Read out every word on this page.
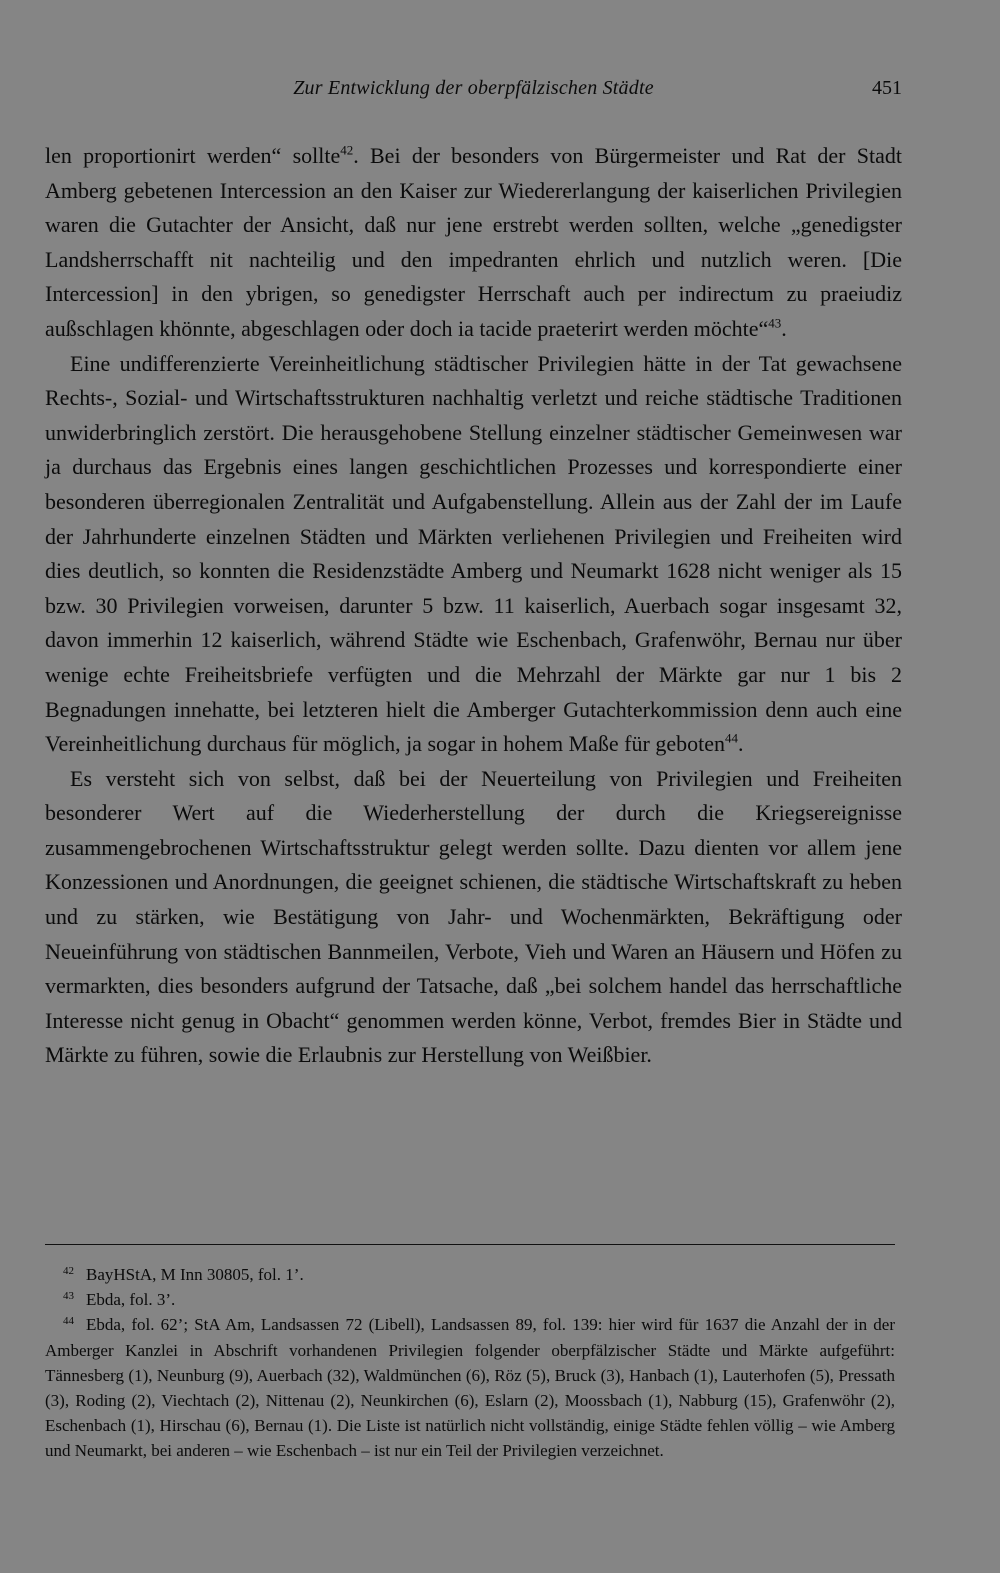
Zur Entwicklung der oberpfälzischen Städte	451

len proportionirt werden“ sollte$^{42}$. Bei der besonders von Bürgermeister und Rat der Stadt Amberg gebetenen Intercession an den Kaiser zur Wiedererlangung der kaiserlichen Privilegien waren die Gutachter der Ansicht, daß nur jene erstrebt werden sollten, welche „genedigster Landsherrschafft nit nachteilig und den impedranten ehrlich und nutzlich weren. [Die Intercession] in den ybrigen, so genedigster Herrschaft auch per indirectum zu praeiudiz außschlagen khönnte, abgeschlagen oder doch ia tacide praeterirt werden möchte“$^{43}$.

Eine undifferenzierte Vereinheitlichung städtischer Privilegien hätte in der Tat gewachsene Rechts-, Sozial- und Wirtschaftsstrukturen nachhaltig verletzt und reiche städtische Traditionen unwiderbringlich zerstört. Die herausgehobene Stellung einzelner städtischer Gemeinwesen war ja durchaus das Ergebnis eines langen geschichtlichen Prozesses und korrespondierte einer besonderen überregionalen Zentralität und Aufgabenstellung. Allein aus der Zahl der im Laufe der Jahrhunderte einzelnen Städten und Märkten verliehenen Privilegien und Freiheiten wird dies deutlich, so konnten die Residenzstädte Amberg und Neumarkt 1628 nicht weniger als 15 bzw. 30 Privilegien vorweisen, darunter 5 bzw. 11 kaiserlich, Auerbach sogar insgesamt 32, davon immerhin 12 kaiserlich, während Städte wie Eschenbach, Grafenwöhr, Bernau nur über wenige echte Freiheitsbriefe verfügten und die Mehrzahl der Märkte gar nur 1 bis 2 Begnadungen innehatte, bei letzteren hielt die Amberger Gutachterkommission denn auch eine Vereinheitlichung durchaus für möglich, ja sogar in hohem Maße für geboten$^{44}$.

Es versteht sich von selbst, daß bei der Neuerteilung von Privilegien und Freiheiten besonderer Wert auf die Wiederherstellung der durch die Kriegsereignisse zusammengebrochenen Wirtschaftsstruktur gelegt werden sollte. Dazu dienten vor allem jene Konzessionen und Anordnungen, die geeignet schienen, die städtische Wirtschaftskraft zu heben und zu stärken, wie Bestätigung von Jahr- und Wochenmärkten, Bekräftigung oder Neueinführung von städtischen Bannmeilen, Verbote, Vieh und Waren an Häusern und Höfen zu vermarkten, dies besonders aufgrund der Tatsache, daß „bei solchem handel das herrschaftliche Interesse nicht genug in Obacht“ genommen werden könne, Verbot, fremdes Bier in Städte und Märkte zu führen, sowie die Erlaubnis zur Herstellung von Weißbier.

$^{42}$ BayHStA, M Inn 30805, fol. 1’.

$^{43}$ Ebda, fol. 3’.

$^{44}$ Ebda, fol. 62’; StA Am, Landsassen 72 (Libell), Landsassen 89, fol. 139: hier wird für 1637 die Anzahl der in der Amberger Kanzlei in Abschrift vorhandenen Privilegien folgender oberpfälzischer Städte und Märkte aufgeführt: Tännesberg (1), Neunburg (9), Auerbach (32), Waldmünchen (6), Röz (5), Bruck (3), Hanbach (1), Lauterhofen (5), Pressath (3), Roding (2), Viechtach (2), Nittenau (2), Neunkirchen (6), Eslarn (2), Moossbach (1), Nabburg (15), Grafenwöhr (2), Eschenbach (1), Hirschau (6), Bernau (1). Die Liste ist natürlich nicht vollständig, einige Städte fehlen völlig – wie Amberg und Neumarkt, bei anderen – wie Eschenbach – ist nur ein Teil der Privilegien verzeichnet.
